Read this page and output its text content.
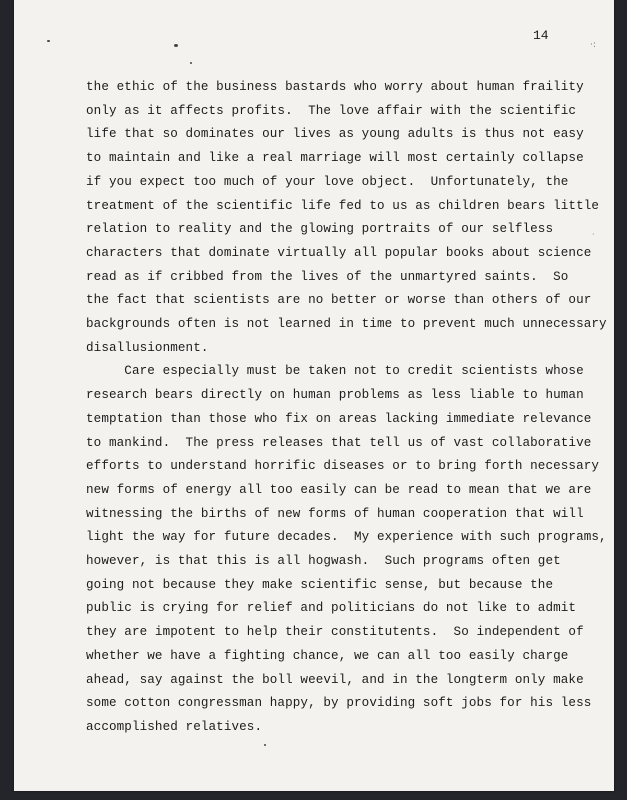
14
·:
·
the ethic of the business bastards who worry about human fraility
only as it affects profits.  The love affair with the scientific
life that so dominates our lives as young adults is thus not easy
to maintain and like a real marriage will most certainly collapse
if you expect too much of your love object.  Unfortunately, the
treatment of the scientific life fed to us as children bears little
relation to reality and the glowing portraits of our selfless
characters that dominate virtually all popular books about science
read as if cribbed from the lives of the unmartyred saints.  So
the fact that scientists are no better or worse than others of our
backgrounds often is not learned in time to prevent much unnecessary
disallusionment.
Care especially must be taken not to credit scientists whose
research bears directly on human problems as less liable to human
temptation than those who fix on areas lacking immediate relevance
to mankind.  The press releases that tell us of vast collaborative
efforts to understand horrific diseases or to bring forth necessary
new forms of energy all too easily can be read to mean that we are
witnessing the births of new forms of human cooperation that will
light the way for future decades.  My experience with such programs,
however, is that this is all hogwash.  Such programs often get
going not because they make scientific sense, but because the
public is crying for relief and politicians do not like to admit
they are impotent to help their constitutents.  So independent of
whether we have a fighting chance, we can all too easily charge
ahead, say against the boll weevil, and in the longterm only make
some cotton congressman happy, by providing soft jobs for his less
accomplished relatives.
